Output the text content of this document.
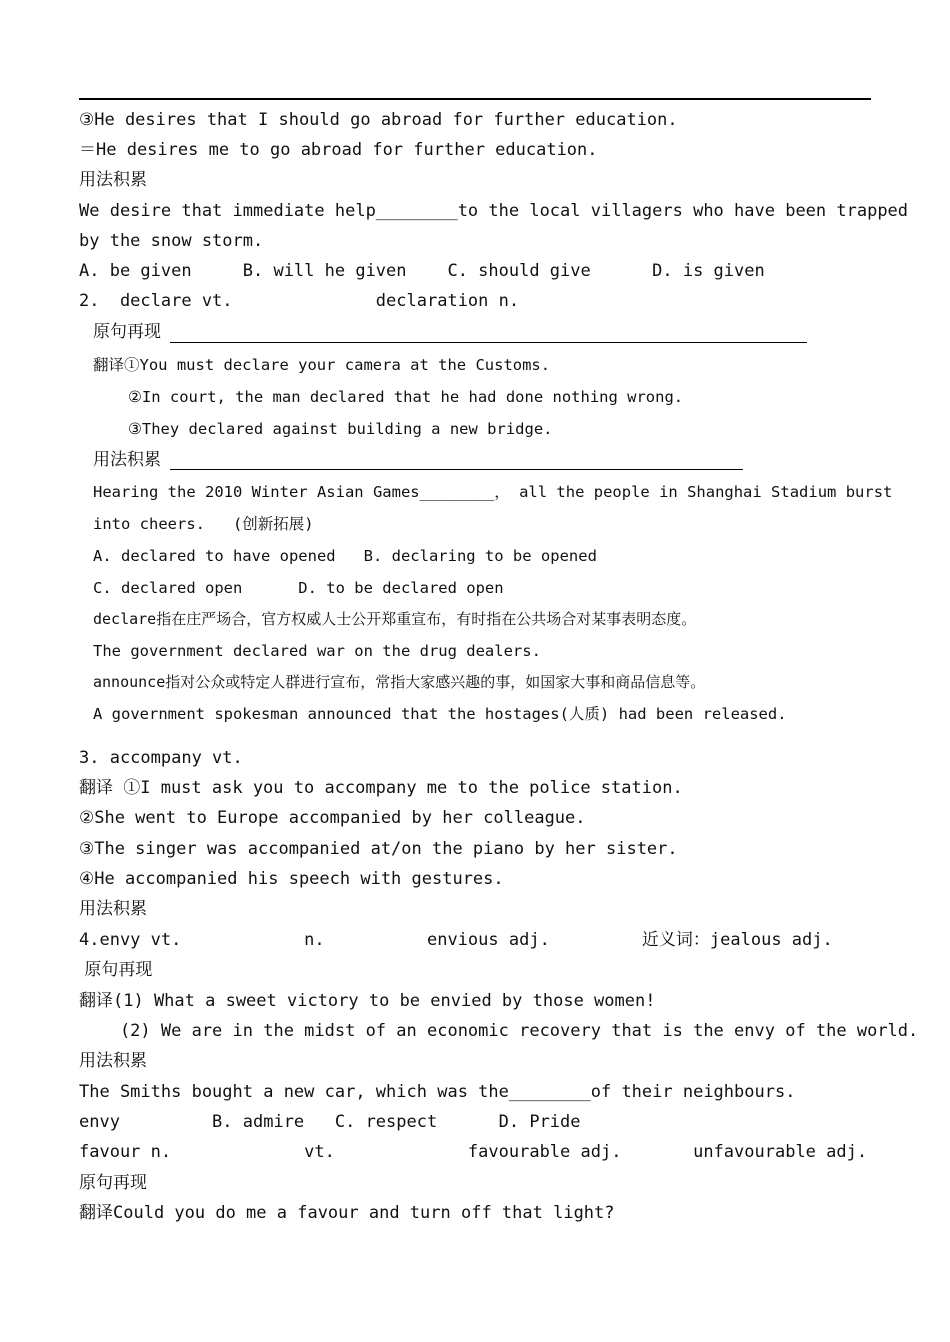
③He desires that I should go abroad for further education.
＝He desires me to go abroad for further education.
用法积累
We desire that immediate help________to the local villagers who have been trapped
by the snow storm.
A. be given     B. will he given    C. should give      D. is given
2.  declare vt.              declaration n.
原句再现
翻译①You must declare your camera at the Customs.
②In court, the man declared that he had done nothing wrong.
③They declared against building a new bridge.
用法积累
Hearing the 2010 Winter Asian Games________， all the people in Shanghai Stadium burst
into cheers.   (创新拓展)
A. declared to have opened   B. declaring to be opened
C. declared open      D. to be declared open
declare指在庄严场合，官方权威人士公开郑重宣布，有时指在公共场合对某事表明态度。
The government declared war on the drug dealers.
announce指对公众或特定人群进行宣布，常指大家感兴趣的事，如国家大事和商品信息等。
A government spokesman announced that the hostages(人质) had been released.
3. accompany vt.
翻译 ①I must ask you to accompany me to the police station.
②She went to Europe accompanied by her colleague.
③The singer was accompanied at/on the piano by her sister.
④He accompanied his speech with gestures.
用法积累
4.envy vt.            n.          envious adj.         近义词：jealous adj.
原句再现
翻译(1) What a sweet victory to be envied by those women!
(2) We are in the midst of an economic recovery that is the envy of the world.
用法积累
The Smiths bought a new car, which was the________of their neighbours.
envy         B. admire   C. respect      D. Pride
favour n.             vt.             favourable adj.       unfavourable adj.
原句再现
翻译Could you do me a favour and turn off that light?
